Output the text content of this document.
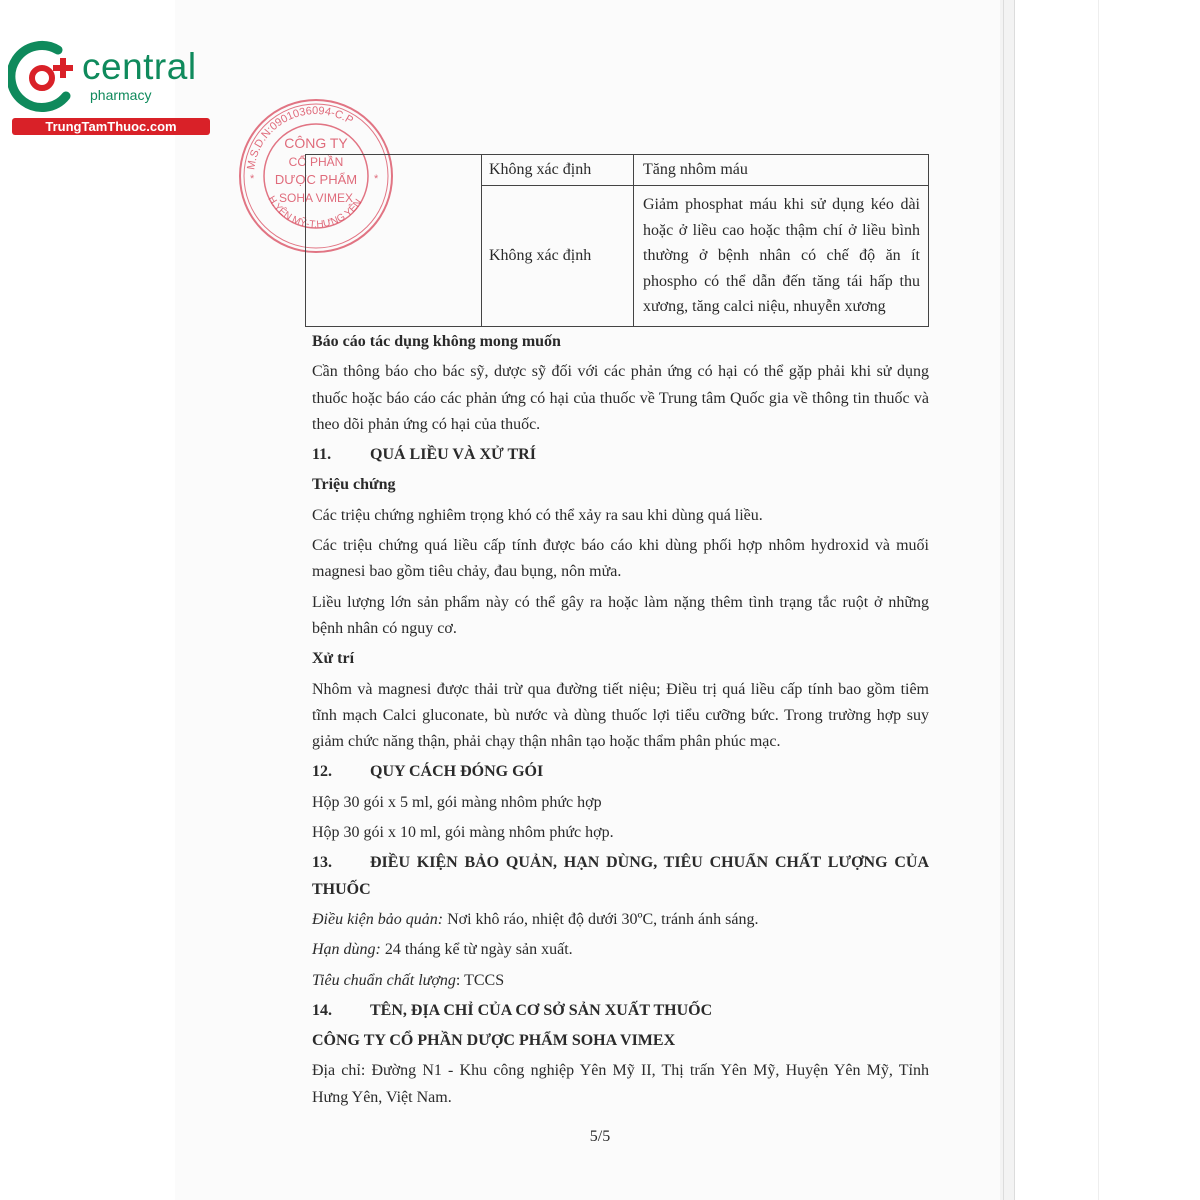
central
pharmacy
TrungTamThuoc.com
M.S.D.N:0901036094-C.P
H.YÊN MỸ-T.HƯNG YÊN
CÔNG TY
CỔ PHẦN
DƯỢC PHẨM
SOHA VIMEX
*	*
	Không xác định	Tăng nhôm máu
	Không xác định	Giảm phosphat máu khi sử dụng kéo dài hoặc ở liều cao hoặc thậm chí ở liều bình thường ở bệnh nhân có chế độ ăn ít phospho có thể dẫn đến tăng tái hấp thu xương, tăng calci niệu, nhuyễn xương

Báo cáo tác dụng không mong muốn

Cần thông báo cho bác sỹ, dược sỹ đối với các phản ứng có hại có thể gặp phải khi sử dụng thuốc hoặc báo cáo các phản ứng có hại của thuốc về Trung tâm Quốc gia về thông tin thuốc và theo dõi phản ứng có hại của thuốc.

11.	QUÁ LIỀU VÀ XỬ TRÍ

Triệu chứng

Các triệu chứng nghiêm trọng khó có thể xảy ra sau khi dùng quá liều.

Các triệu chứng quá liều cấp tính được báo cáo khi dùng phối hợp nhôm hydroxid và muối magnesi bao gồm tiêu chảy, đau bụng, nôn mửa.

Liều lượng lớn sản phẩm này có thể gây ra hoặc làm nặng thêm tình trạng tắc ruột ở những bệnh nhân có nguy cơ.

Xử trí

Nhôm và magnesi được thải trừ qua đường tiết niệu; Điều trị quá liều cấp tính bao gồm tiêm tĩnh mạch Calci gluconate, bù nước và dùng thuốc lợi tiểu cưỡng bức. Trong trường hợp suy giảm chức năng thận, phải chạy thận nhân tạo hoặc thẩm phân phúc mạc.

12.	QUY CÁCH ĐÓNG GÓI

Hộp 30 gói x 5 ml, gói màng nhôm phức hợp

Hộp 30 gói x 10 ml, gói màng nhôm phức hợp.

13. ĐIỀU KIỆN BẢO QUẢN, HẠN DÙNG, TIÊU CHUẨN CHẤT LƯỢNG CỦA THUỐC

Điều kiện bảo quản: Nơi khô ráo, nhiệt độ dưới 30ºC, tránh ánh sáng.

Hạn dùng: 24 tháng kể từ ngày sản xuất.

Tiêu chuẩn chất lượng: TCCS

14.	TÊN, ĐỊA CHỈ CỦA CƠ SỞ SẢN XUẤT THUỐC

CÔNG TY CỔ PHẦN DƯỢC PHẨM SOHA VIMEX

Địa chỉ: Đường N1 - Khu công nghiệp Yên Mỹ II, Thị trấn Yên Mỹ, Huyện Yên Mỹ, Tỉnh Hưng Yên, Việt Nam.

5/5
